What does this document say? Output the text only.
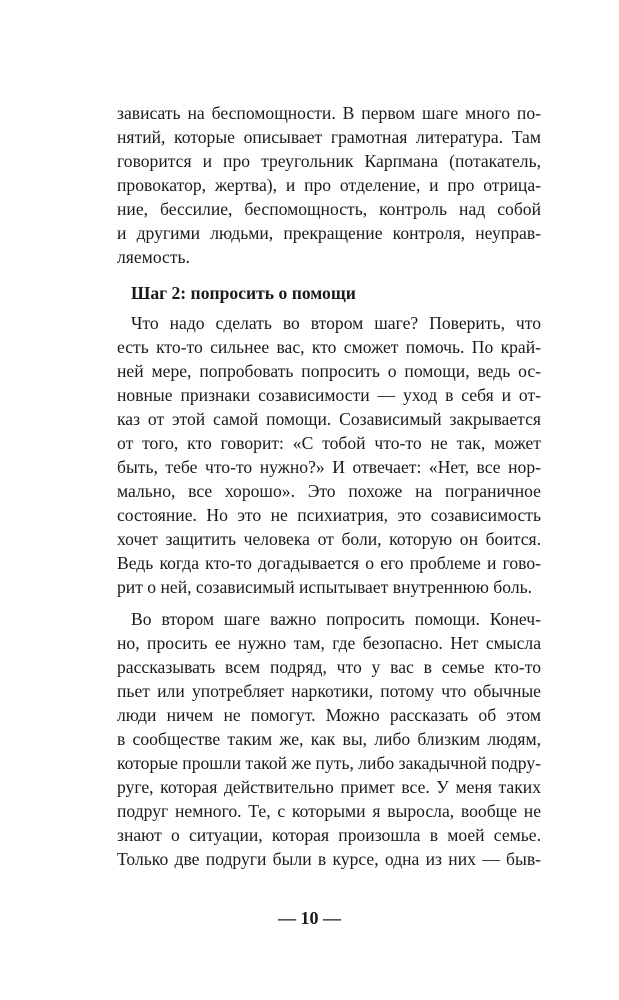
зависать на беспомощности. В первом шаге много по-
нятий, которые описывает грамотная литература. Там
говорится и про треугольник Карпмана (потакатель,
провокатор, жертва), и про отделение, и про отрица-
ние, бессилие, беспомощность, контроль над собой
и другими людьми, прекращение контроля, неуправ-
ляемость.
Шаг 2: попросить о помощи
Что надо сделать во втором шаге? Поверить, что
есть кто-то сильнее вас, кто сможет помочь. По край-
ней мере, попробовать попросить о помощи, ведь ос-
новные признаки созависимости — уход в себя и от-
каз от этой самой помощи. Созависимый закрывается
от того, кто говорит: «С тобой что-то не так, может
быть, тебе что-то нужно?» И отвечает: «Нет, все нор-
мально, все хорошо». Это похоже на пограничное
состояние. Но это не психиатрия, это созависимость
хочет защитить человека от боли, которую он боится.
Ведь когда кто-то догадывается о его проблеме и гово-
рит о ней, созависимый испытывает внутреннюю боль.
Во втором шаге важно попросить помощи. Конеч-
но, просить ее нужно там, где безопасно. Нет смысла
рассказывать всем подряд, что у вас в семье кто-то
пьет или употребляет наркотики, потому что обычные
люди ничем не помогут. Можно рассказать об этом
в сообществе таким же, как вы, либо близким людям,
которые прошли такой же путь, либо закадычной подру-
руге, которая действительно примет все. У меня таких
подруг немного. Те, с которыми я выросла, вообще не
знают о ситуации, которая произошла в моей семье.
Только две подруги были в курсе, одна из них — быв-
— 10 —
